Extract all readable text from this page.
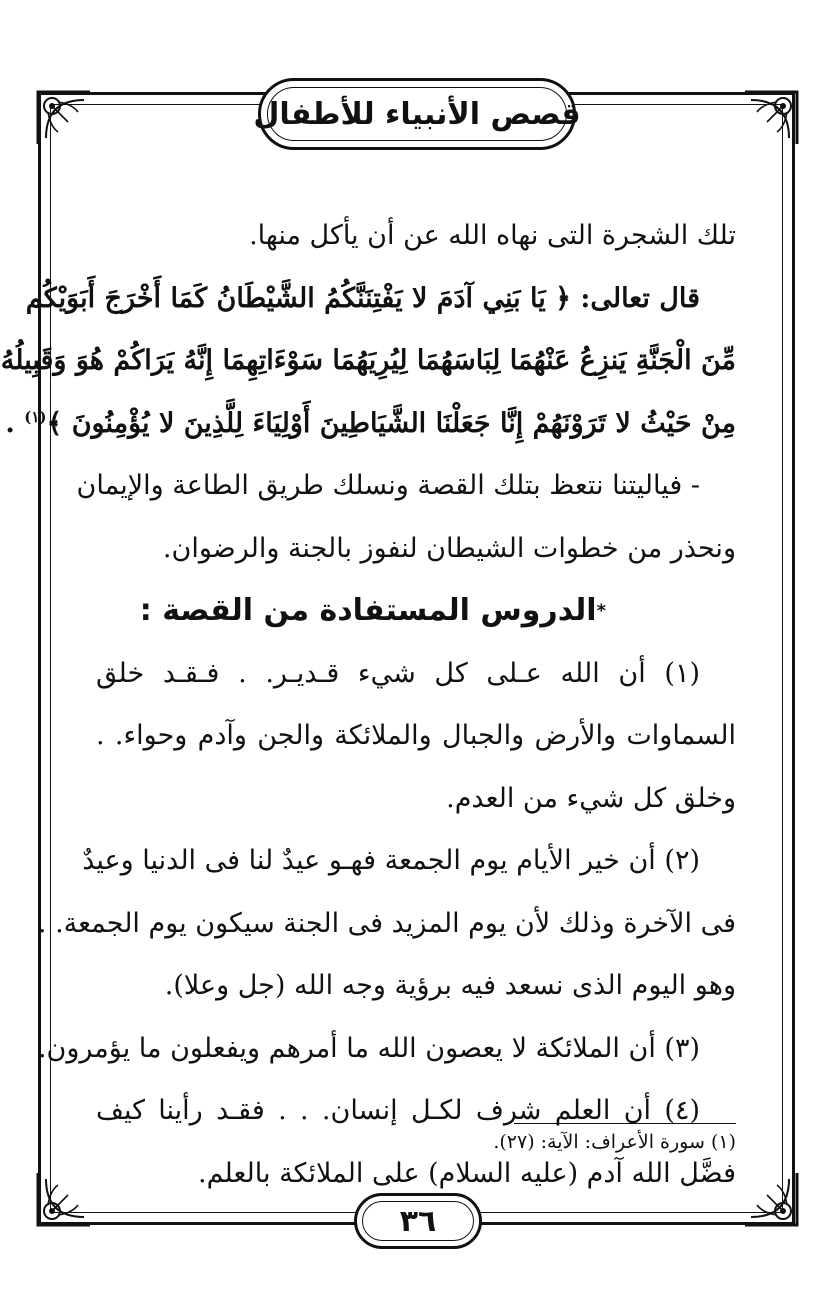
قصص الأنبياء للأطفال
تلك الشجرة التى نهاه الله عن أن يأكل منها.
قال تعالى: ﴿ يَا بَنِي آدَمَ لا يَفْتِنَنَّكُمُ الشَّيْطَانُ كَمَا أَخْرَجَ أَبَوَيْكُم
مِّنَ الْجَنَّةِ يَنزِعُ عَنْهُمَا لِبَاسَهُمَا لِيُرِيَهُمَا سَوْءَاتِهِمَا إِنَّهُ يَرَاكُمْ هُوَ وَقَبِيلُهُ
مِنْ حَيْثُ لا تَرَوْنَهُمْ إِنَّا جَعَلْنَا الشَّيَاطِينَ أَوْلِيَاءَ لِلَّذِينَ لا يُؤْمِنُونَ ﴾$^{(١)}$ .
- فياليتنا نتعظ بتلك القصة ونسلك طريق الطاعة والإيمان
ونحذر من خطوات الشيطان لنفوز بالجنة والرضوان.
*الدروس المستفادة من القصة :
(١) أن الله عـلى كل شيء قـديـر. . فـقـد خلق
السماوات والأرض والجبال والملائكة والجن وآدم وحواء. .
وخلق كل شيء من العدم.
(٢) أن خير الأيام يوم الجمعة فهـو عيدٌ لنا فى الدنيا وعيدٌ
فى الآخرة وذلك لأن يوم المزيد فى الجنة سيكون يوم الجمعة. .
وهو اليوم الذى نسعد فيه برؤية وجه الله (جل وعلا).
(٣) أن الملائكة لا يعصون الله ما أمرهم ويفعلون ما يؤمرون.
(٤) أن العلم شرف لكـل إنسان. . . فقـد رأينا كيف
فضَّل الله آدم (عليه السلام) على الملائكة بالعلم.
(١) سورة الأعراف: الآية: (٢٧).
٣٦
